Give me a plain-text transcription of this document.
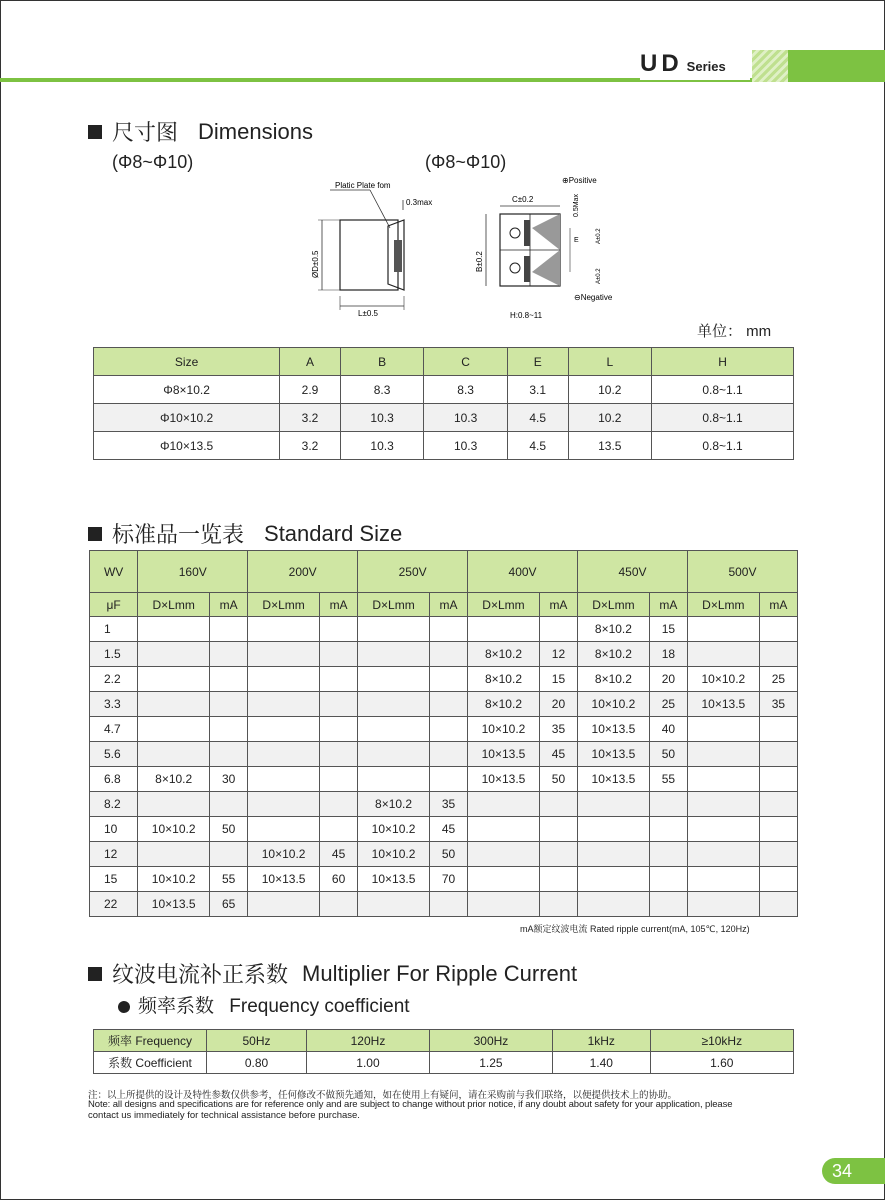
UD Series
尺寸图 Dimensions
(Φ8~Φ10)	(Φ8~Φ10)
Platic Plate fom
0.3max
ØD±0.5
L±0.5
⊕Positive
C±0.2	0.5Max
B±0.2
E	A±0.2
A±0.2
⊖Negative
H:0.8~11
单位： mm
Size	A	B	C	E	L	H
Φ8×10.2	2.9	8.3	8.3	3.1	10.2	0.8~1.1
Φ10×10.2	3.2	10.3	10.3	4.5	10.2	0.8~1.1
Φ10×13.5	3.2	10.3	10.3	4.5	13.5	0.8~1.1
标准品一览表 Standard Size
WV	160V		200V		250V		400V		450V		500V	
μF	D×Lmm	mA	D×Lmm	mA	D×Lmm	mA	D×Lmm	mA	D×Lmm	mA	D×Lmm	mA
1									8×10.2	15		
1.5							8×10.2	12	8×10.2	18		
2.2							8×10.2	15	8×10.2	20	10×10.2	25
3.3							8×10.2	20	10×10.2	25	10×13.5	35
4.7							10×10.2	35	10×13.5	40		
5.6							10×13.5	45	10×13.5	50		
6.8	8×10.2	30					10×13.5	50	10×13.5	55		
8.2					8×10.2	35						
10	10×10.2	50			10×10.2	45						
12			10×10.2	45	10×10.2	50						
15	10×10.2	55	10×13.5	60	10×13.5	70						
22	10×13.5	65										
mA额定纹波电流 Rated ripple current(mA, 105℃, 120Hz)
纹波电流补正系数 Multiplier For Ripple Current
频率系数 Frequency coefficient
频率 Frequency	50Hz	120Hz	300Hz	1kHz	≥10kHz
系数 Coefficient	0.80	1.00	1.25	1.40	1.60
注：以上所提供的设计及特性参数仅供参考，任何修改不做预先通知，如在使用上有疑问，请在采购前与我们联络，以便提供技术上的协助。
Note: all designs and specifications are for reference only and are subject to change without prior notice, if any doubt about safety for your application, please
contact us immediately for technical assistance before purchase.
34
